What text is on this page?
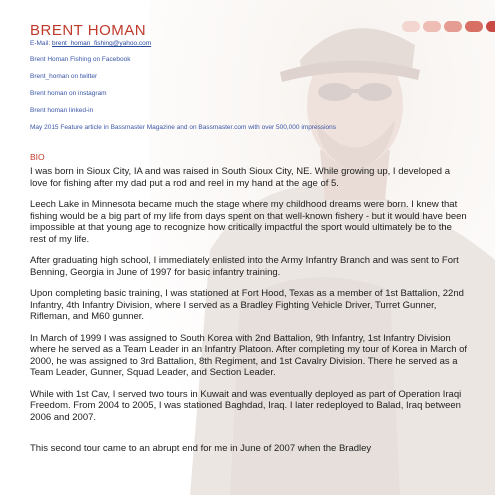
BRENT HOMAN

E-Mail: brent_homan_fishing@yahoo.com

Brent Homan Fishing on Facebook

Brent_homan on twitter

Brent homan on instagram

Brent homan linked-in

May 2015 Feature article in Bassmaster Magazine and on Bassmaster.com with over 500,000 impressions

BIO

I was born in Sioux City, IA and was raised in South Sioux City, NE. While growing up, I developed a love for fishing after my dad put a rod and reel in my hand at the age of 5.

Leech Lake in Minnesota became much the stage where my childhood dreams were born. I knew that fishing would be a big part of my life from days spent on that well-known fishery - but it would have been impossible at that young age to recognize how critically impactful the sport would ultimately be to the rest of my life.

After graduating high school, I immediately enlisted into the Army Infantry Branch and was sent to Fort Benning, Georgia in June of 1997 for basic infantry training.

Upon completing basic training, I was stationed at Fort Hood, Texas as a member of 1st Battalion, 22nd Infantry, 4th Infantry Division, where I served as a Bradley Fighting Vehicle Driver, Turret Gunner, Rifleman, and M60 gunner.

In March of 1999 I was assigned to South Korea with 2nd Battalion, 9th Infantry, 1st Infantry Division where he served as a Team Leader in an Infantry Platoon. After completing my tour of Korea in March of 2000, he was assigned to 3rd Battalion, 8th Regiment, and 1st Cavalry Division. There he served as a Team Leader, Gunner, Squad Leader, and Section Leader.

While with 1st Cav, I served two tours in Kuwait and was eventually deployed as part of Operation Iraqi Freedom. From 2004 to 2005, I was stationed Baghdad, Iraq. I later redeployed to Balad, Iraq between 2006 and 2007.

This second tour came to an abrupt end for me in June of 2007 when the Bradley
